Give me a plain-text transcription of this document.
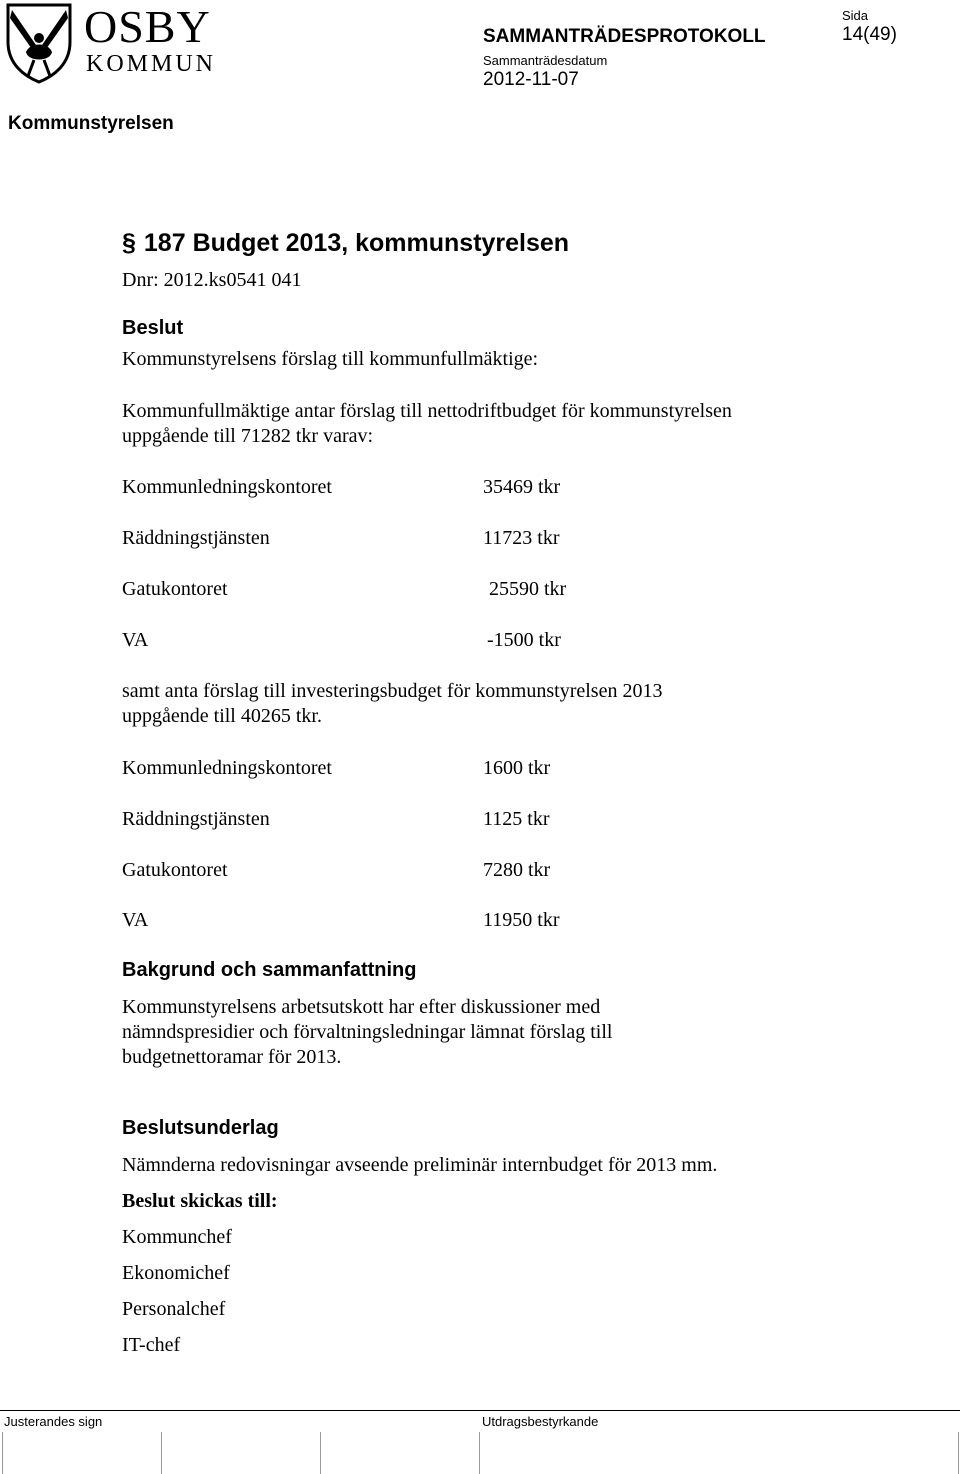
OSBY
KOMMUN
Sida
14(49)
SAMMANTRÄDESPROTOKOLL
Sammanträdesdatum
2012-11-07
Kommunstyrelsen
§ 187 Budget 2013, kommunstyrelsen
Dnr: 2012.ks0541 041
Beslut
Kommunstyrelsens förslag till kommunfullmäktige:
Kommunfullmäktige antar förslag till nettodriftbudget för kommunstyrelsen
uppgående till 71282 tkr varav:
Kommunledningskontoret	35469 tkr
Räddningstjänsten	11723 tkr
Gatukontoret	25590 tkr
VA	-1500 tkr
samt anta förslag till investeringsbudget för kommunstyrelsen 2013
uppgående till 40265 tkr.
Kommunledningskontoret	1600 tkr
Räddningstjänsten	1125 tkr
Gatukontoret	7280 tkr
VA	11950 tkr
Bakgrund och sammanfattning
Kommunstyrelsens arbetsutskott har efter diskussioner med
nämndspresidier och förvaltningsledningar lämnat förslag till
budgetnettoramar för 2013.
Beslutsunderlag
Nämnderna redovisningar avseende preliminär internbudget för 2013 mm.
Beslut skickas till:
Kommunchef
Ekonomichef
Personalchef
IT-chef
Justerandes sign	Utdragsbestyrkande
